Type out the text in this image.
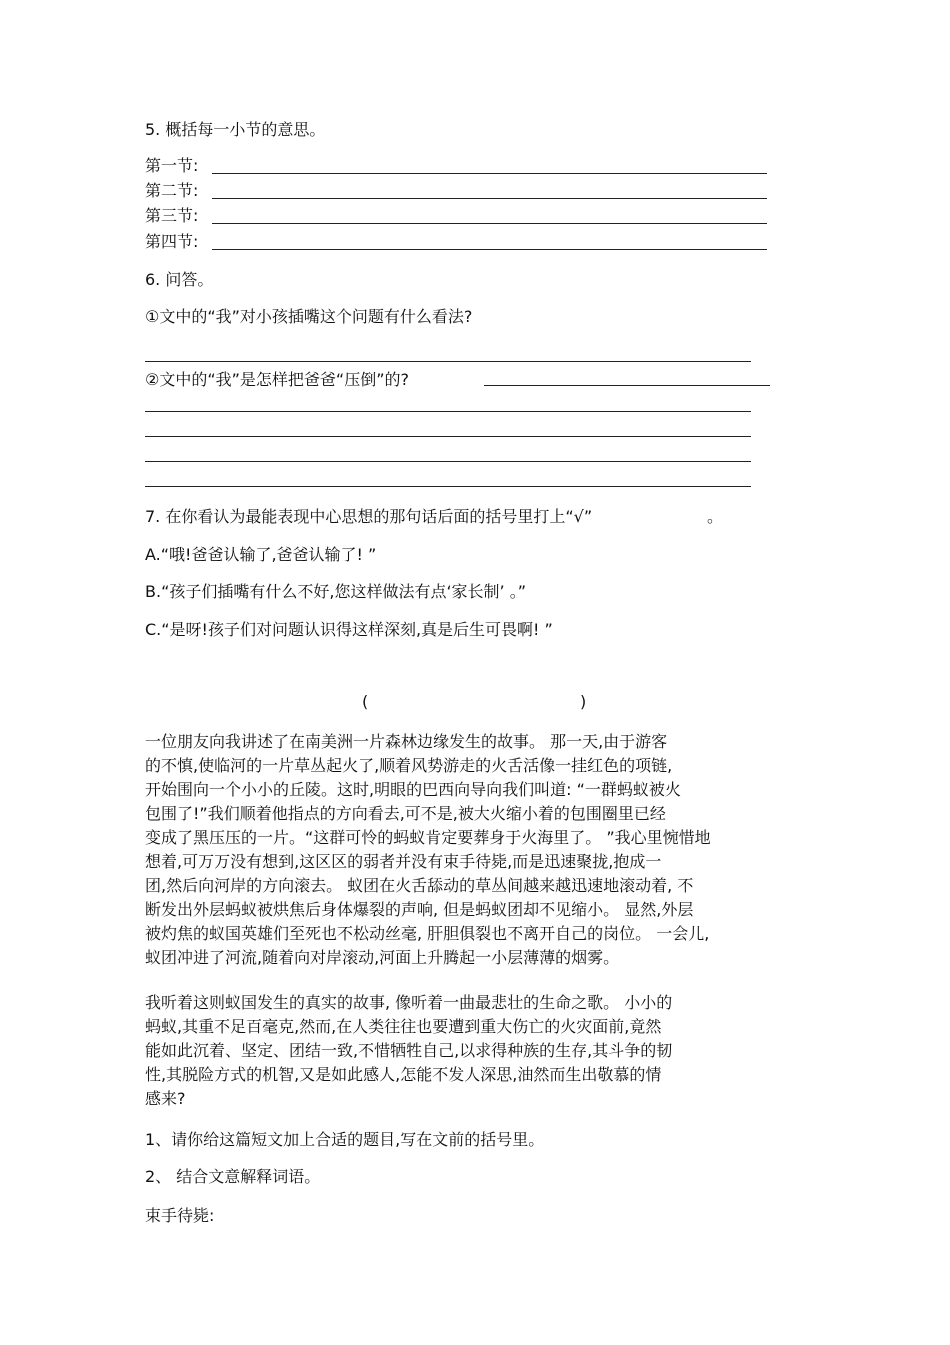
5. 概括每一小节的意思。
第一节:
第二节:
第三节:
第四节:
6. 问答。
①文中的“我”对小孩插嘴这个问题有什么看法?
②文中的“我”是怎样把爸爸“压倒”的?
7. 在你看认为最能表现中心思想的那句话后面的括号里打上“√”	。
A.“哦!爸爸认输了,爸爸认输了! ”
B.“孩子们插嘴有什么不好,您这样做法有点‘家长制’ 。”
C.“是呀!孩子们对问题认识得这样深刻,真是后生可畏啊! ”
(	)
一位朋友向我讲述了在南美洲一片森林边缘发生的故事。 那一天,由于游客
的不慎,使临河的一片草丛起火了,顺着风势游走的火舌活像一挂红色的项链,
开始围向一个小小的丘陵。这时,明眼的巴西向导向我们叫道: “一群蚂蚁被火
包围了!”我们顺着他指点的方向看去,可不是,被大火缩小着的包围圈里已经
变成了黑压压的一片。“这群可怜的蚂蚁肯定要葬身于火海里了。 ”我心里惋惜地
想着,可万万没有想到,这区区的弱者并没有束手待毙,而是迅速聚拢,抱成一
团,然后向河岸的方向滚去。 蚁团在火舌舔动的草丛间越来越迅速地滚动着, 不
断发出外层蚂蚁被烘焦后身体爆裂的声响, 但是蚂蚁团却不见缩小。 显然,外层
被灼焦的蚁国英雄们至死也不松动丝毫, 肝胆俱裂也不离开自己的岗位。 一会儿,
蚁团冲进了河流,随着向对岸滚动,河面上升腾起一小层薄薄的烟雾。
我听着这则蚁国发生的真实的故事, 像听着一曲最悲壮的生命之歌。 小小的
蚂蚁,其重不足百毫克,然而,在人类往往也要遭到重大伤亡的火灾面前,竟然
能如此沉着、坚定、团结一致,不惜牺牲自己,以求得种族的生存,其斗争的韧
性,其脱险方式的机智,又是如此感人,怎能不发人深思,油然而生出敬慕的情
感来?
1、请你给这篇短文加上合适的题目,写在文前的括号里。
2、 结合文意解释词语。
束手待毙:
